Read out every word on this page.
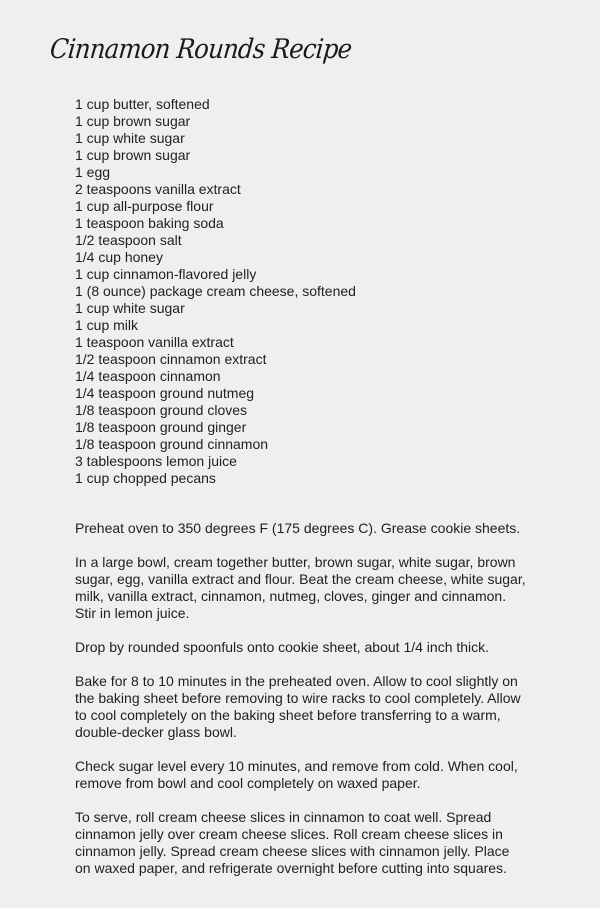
Cinnamon Rounds Recipe
1 cup butter, softened
1 cup brown sugar
1 cup white sugar
1 cup brown sugar
1 egg
2 teaspoons vanilla extract
1 cup all-purpose flour
1 teaspoon baking soda
1/2 teaspoon salt
1/4 cup honey
1 cup cinnamon-flavored jelly
1 (8 ounce) package cream cheese, softened
1 cup white sugar
1 cup milk
1 teaspoon vanilla extract
1/2 teaspoon cinnamon extract
1/4 teaspoon cinnamon
1/4 teaspoon ground nutmeg
1/8 teaspoon ground cloves
1/8 teaspoon ground ginger
1/8 teaspoon ground cinnamon
3 tablespoons lemon juice
1 cup chopped pecans

Preheat oven to 350 degrees F (175 degrees C). Grease cookie sheets.

In a large bowl, cream together butter, brown sugar, white sugar, brown sugar, egg, vanilla extract and flour. Beat the cream cheese, white sugar, milk, vanilla extract, cinnamon, nutmeg, cloves, ginger and cinnamon. Stir in lemon juice.

Drop by rounded spoonfuls onto cookie sheet, about 1/4 inch thick.

Bake for 8 to 10 minutes in the preheated oven. Allow to cool slightly on the baking sheet before removing to wire racks to cool completely. Allow to cool completely on the baking sheet before transferring to a warm, double-decker glass bowl.

Check sugar level every 10 minutes, and remove from cold. When cool, remove from bowl and cool completely on waxed paper.

To serve, roll cream cheese slices in cinnamon to coat well. Spread cinnamon jelly over cream cheese slices. Roll cream cheese slices in cinnamon jelly. Spread cream cheese slices with cinnamon jelly. Place on waxed paper, and refrigerate overnight before cutting into squares.
